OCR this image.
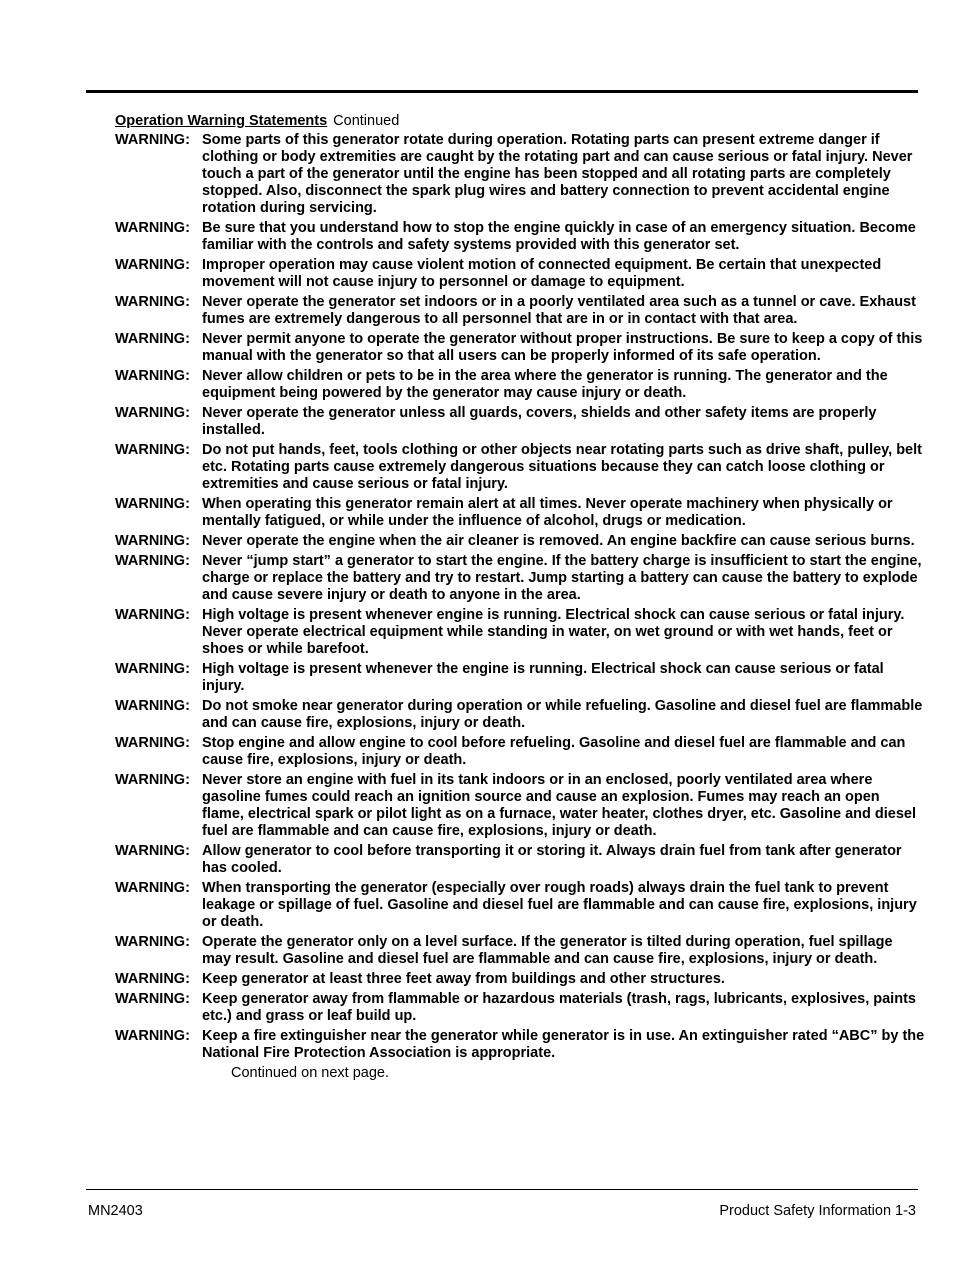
Operation Warning Statements Continued
WARNING: Some parts of this generator rotate during operation. Rotating parts can present extreme danger if clothing or body extremities are caught by the rotating part and can cause serious or fatal injury. Never touch a part of the generator until the engine has been stopped and all rotating parts are completely stopped. Also, disconnect the spark plug wires and battery connection to prevent accidental engine rotation during servicing.
WARNING: Be sure that you understand how to stop the engine quickly in case of an emergency situation. Become familiar with the controls and safety systems provided with this generator set.
WARNING: Improper operation may cause violent motion of connected equipment. Be certain that unexpected movement will not cause injury to personnel or damage to equipment.
WARNING: Never operate the generator set indoors or in a poorly ventilated area such as a tunnel or cave. Exhaust fumes are extremely dangerous to all personnel that are in or in contact with that area.
WARNING: Never permit anyone to operate the generator without proper instructions. Be sure to keep a copy of this manual with the generator so that all users can be properly informed of its safe operation.
WARNING: Never allow children or pets to be in the area where the generator is running. The generator and the equipment being powered by the generator may cause injury or death.
WARNING: Never operate the generator unless all guards, covers, shields and other safety items are properly installed.
WARNING: Do not put hands, feet, tools clothing or other objects near rotating parts such as drive shaft, pulley, belt etc. Rotating parts cause extremely dangerous situations because they can catch loose clothing or extremities and cause serious or fatal injury.
WARNING: When operating this generator remain alert at all times. Never operate machinery when physically or mentally fatigued, or while under the influence of alcohol, drugs or medication.
WARNING: Never operate the engine when the air cleaner is removed. An engine backfire can cause serious burns.
WARNING: Never “jump start” a generator to start the engine. If the battery charge is insufficient to start the engine, charge or replace the battery and try to restart. Jump starting a battery can cause the battery to explode and cause severe injury or death to anyone in the area.
WARNING: High voltage is present whenever engine is running. Electrical shock can cause serious or fatal injury. Never operate electrical equipment while standing in water, on wet ground or with wet hands, feet or shoes or while barefoot.
WARNING: High voltage is present whenever the engine is running. Electrical shock can cause serious or fatal injury.
WARNING: Do not smoke near generator during operation or while refueling. Gasoline and diesel fuel are flammable and can cause fire, explosions, injury or death.
WARNING: Stop engine and allow engine to cool before refueling. Gasoline and diesel fuel are flammable and can cause fire, explosions, injury or death.
WARNING: Never store an engine with fuel in its tank indoors or in an enclosed, poorly ventilated area where gasoline fumes could reach an ignition source and cause an explosion. Fumes may reach an open flame, electrical spark or pilot light as on a furnace, water heater, clothes dryer, etc. Gasoline and diesel fuel are flammable and can cause fire, explosions, injury or death.
WARNING: Allow generator to cool before transporting it or storing it. Always drain fuel from tank after generator has cooled.
WARNING: When transporting the generator (especially over rough roads) always drain the fuel tank to prevent leakage or spillage of fuel. Gasoline and diesel fuel are flammable and can cause fire, explosions, injury or death.
WARNING: Operate the generator only on a level surface. If the generator is tilted during operation, fuel spillage may result. Gasoline and diesel fuel are flammable and can cause fire, explosions, injury or death.
WARNING: Keep generator at least three feet away from buildings and other structures.
WARNING: Keep generator away from flammable or hazardous materials (trash, rags, lubricants, explosives, paints etc.) and grass or leaf build up.
WARNING: Keep a fire extinguisher near the generator while generator is in use. An extinguisher rated “ABC” by the National Fire Protection Association is appropriate.
Continued on next page.
MN2403	Product Safety Information 1-3
